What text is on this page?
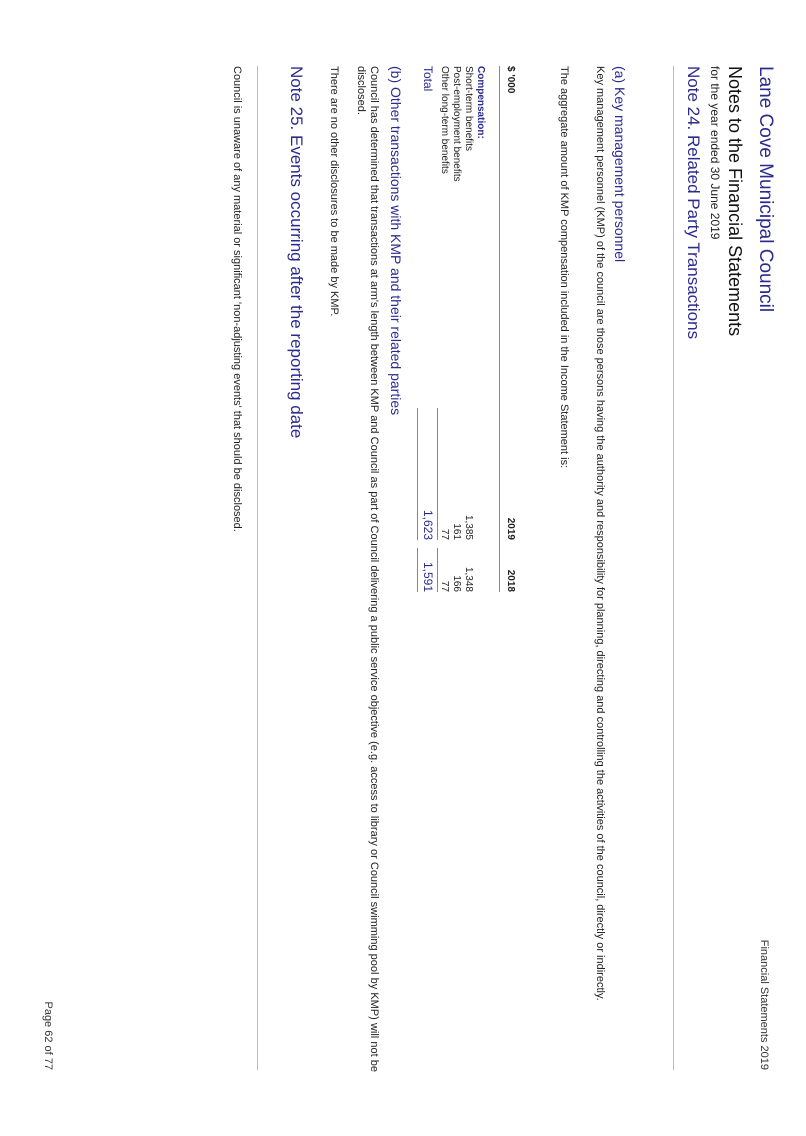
Lane Cove Municipal Council
Financial Statements 2019
Notes to the Financial Statements
for the year ended 30 June 2019
Note 24. Related Party Transactions
(a) Key management personnel
Key management personnel (KMP) of the council are those persons having the authority and responsibility for planning, directing and controlling the activities of the council, directly or indirectly.
The aggregate amount of KMP compensation included in the Income Statement is:
$ '000
2019
2018
Compensation:
Short-term benefits
1,385
1,348
Post-employment benefits
161
166
Other long-term benefits
77
77
Total
1,623
1,591
(b) Other transactions with KMP and their related parties
Council has determined that transactions at arm's length between KMP and Council as part of Council delivering a public service objective (e.g. access to library or Council swimming pool by KMP) will not be disclosed.
There are no other disclosures to be made by KMP.
Note 25. Events occurring after the reporting date
Council is unaware of any material or significant 'non-adjusting events' that should be disclosed.
Page 62 of 77
